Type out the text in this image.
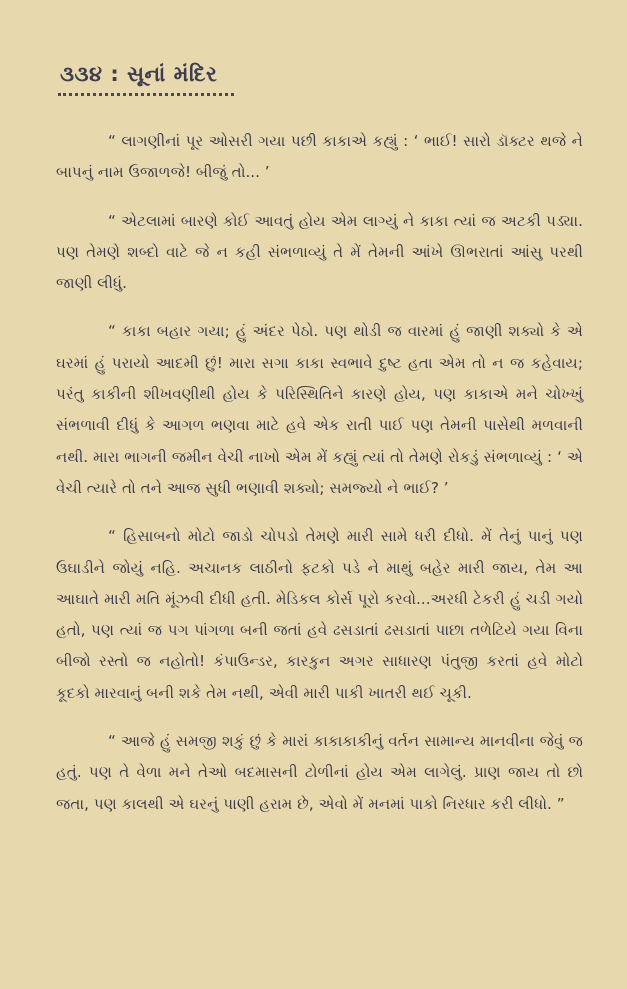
૩૩૪ : સૂનાં મંદિર

“ લાગણીનાં પૂર ઓસરી ગયા પછી કાકાએ કહ્યું : ‘ ભાઈ! સારો ડૉક્ટર થજે ને બાપનું નામ ઉજાળજે! બીજું તો... ’

“ એટલામાં બારણે કોઈ આવતું હોય એમ લાગ્યું ને કાકા ત્યાં જ અટકી પડ્યા. પણ તેમણે શબ્દો વાટે જે ન કહી સંભળાવ્યું તે મેં તેમની આંખે ઊભરાતાં આંસુ પરથી જાણી લીધું.

“ કાકા બહાર ગયા; હું અંદર પેઠો. પણ થોડી જ વારમાં હું જાણી શક્યો કે એ ઘરમાં હું પરાયો આદમી છું! મારા સગા કાકા સ્વભાવે દુષ્ટ હતા એમ તો ન જ કહેવાય; પરંતુ કાકીની શીખવણીથી હોય કે પરિસ્થિતિને કારણે હોય, પણ કાકાએ મને ચોખ્ખું સંભળાવી દીધું કે આગળ ભણવા માટે હવે એક રાતી પાઈ પણ તેમની પાસેથી મળવાની નથી. મારા ભાગની જમીન વેચી નાખો એમ મેં કહ્યું ત્યાં તો તેમણે રોકડું સંભળાવ્યું : ‘ એ વેચી ત્યારે તો તને આજ સુધી ભણાવી શક્યો; સમજ્યો ને ભાઈ? ’

“ હિસાબનો મોટો જાડો ચોપડો તેમણે મારી સામે ધરી દીધો. મેં તેનું પાનું પણ ઉઘાડીને જોયું નહિ. અચાનક લાઠીનો ફટકો પડે ને માથું બહેર મારી જાય, તેમ આ આઘાતે મારી મતિ મૂંઝવી દીધી હતી. મેડિકલ કોર્સ પૂરો કરવો...અરધી ટેકરી હું ચડી ગયો હતો, પણ ત્યાં જ પગ પાંગળા બની જતાં હવે ઢસડાતાં ઢસડાતાં પાછા તળેટિયે ગયા વિના બીજો રસ્તો જ નહોતો! કંપાઉન્ડર, કારકુન અગર સાધારણ પંતુજી કરતાં હવે મોટો કૂદકો મારવાનું બની શકે તેમ નથી, એવી મારી પાકી ખાતરી થઈ ચૂકી.

“ આજે હું સમજી શકું છું કે મારાં કાકાકાકીનું વર્તન સામાન્ય માનવીના જેવું જ હતું. પણ તે વેળા મને તેઓ બદમાસની ટોળીનાં હોય એમ લાગેલું. પ્રાણ જાય તો છો જતા, પણ કાલથી એ ઘરનું પાણી હરામ છે, એવો મેં મનમાં પાકો નિરધાર કરી લીધો. ”
